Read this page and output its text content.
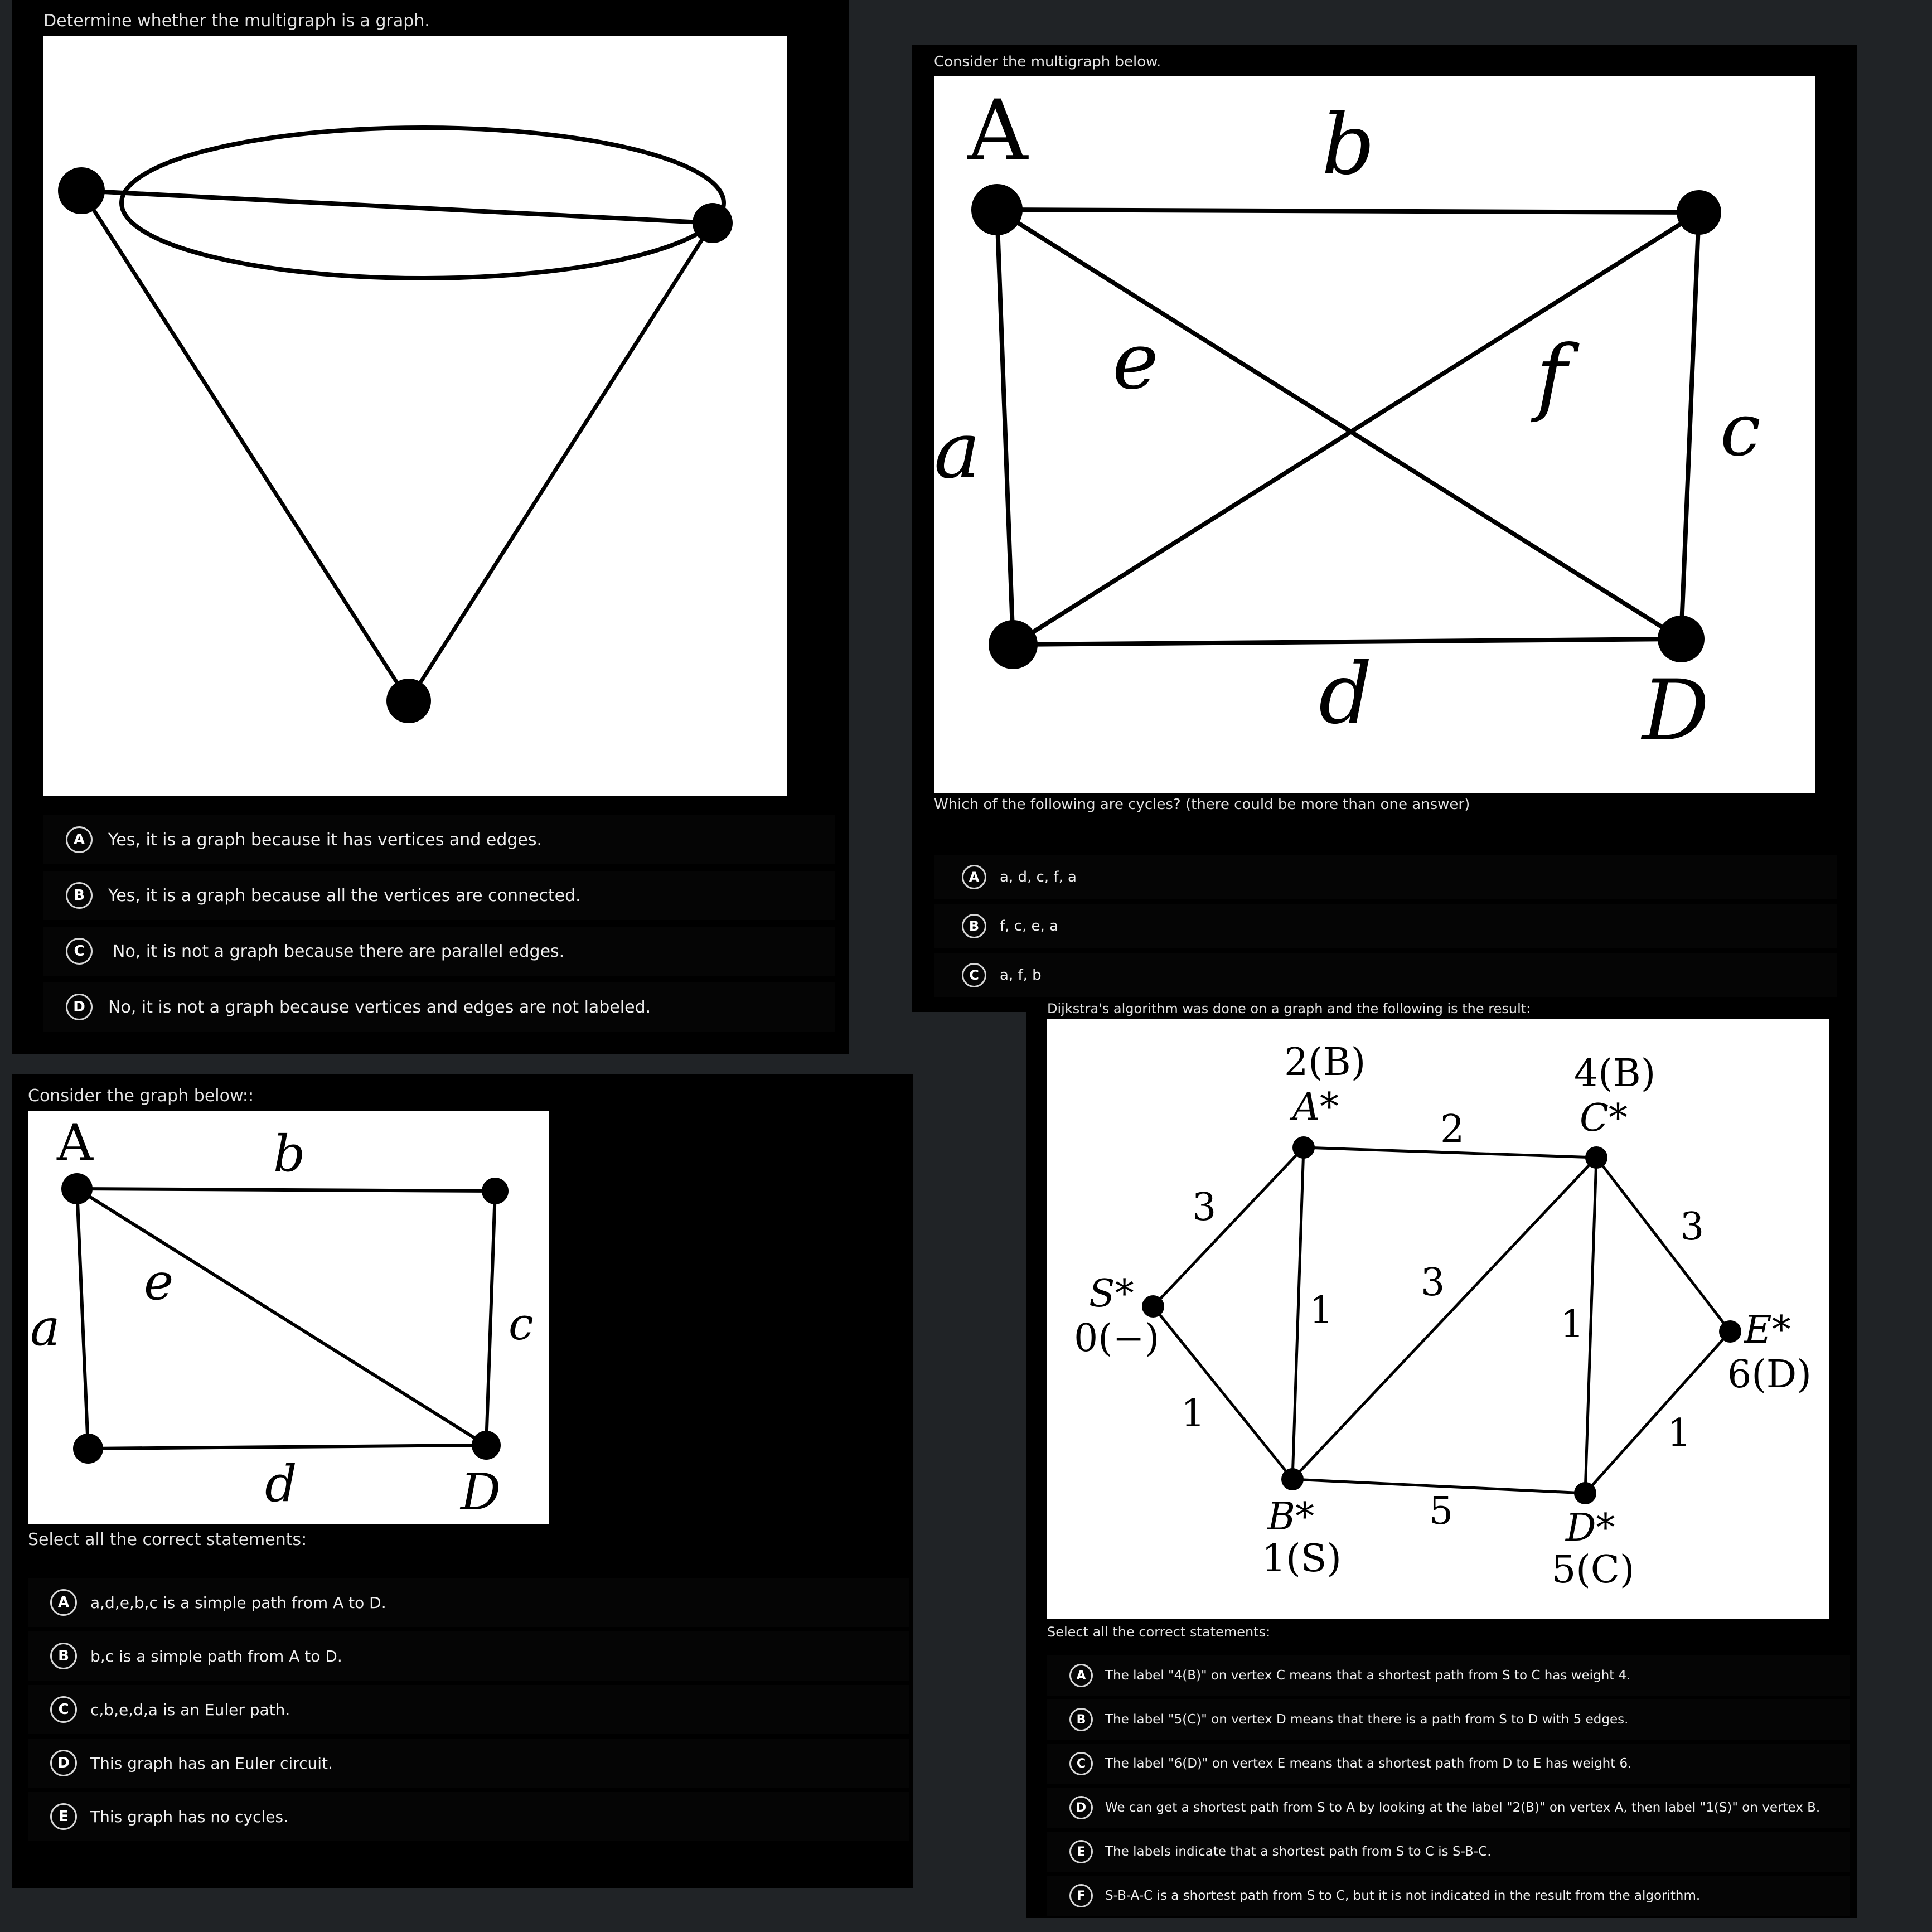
Determine whether the multigraph is a graph.
A	Yes, it is a graph because it has vertices and edges.
B	Yes, it is a graph because all the vertices are connected.
C	No, it is not a graph because there are parallel edges.
D	No, it is not a graph because vertices and edges are not labeled.
Consider the multigraph below.
A	b
a	c
e	f
d	D
Which of the following are cycles? (there could be more than one answer)
A	a, d, c, f, a
B	f, c, e, a
C	a, f, b
Consider the graph below::
A	b
a	c
e
d	D
Select all the correct statements:
A	a,d,e,b,c is a simple path from A to D.
B	b,c is a simple path from A to D.
C	c,b,e,d,a is an Euler path.
D	This graph has an Euler circuit.
E	This graph has no cycles.
Dijkstra's algorithm was done on a graph and the following is the result:
2(B)
A*
4(B)
C*
S*
0(−)
B*
1(S)
D*
5(C)
E*
6(D)
3
1
2
1
3
1
3
5
1
Select all the correct statements:
A	The label "4(B)" on vertex C means that a shortest path from S to C has weight 4.
B	The label "5(C)" on vertex D means that there is a path from S to D with 5 edges.
C	The label "6(D)" on vertex E means that a shortest path from D to E has weight 6.
D	We can get a shortest path from S to A by looking at the label "2(B)" on vertex A, then label "1(S)" on vertex B.
E	The labels indicate that a shortest path from S to C is S-B-C.
F	S-B-A-C is a shortest path from S to C, but it is not indicated in the result from the algorithm.
